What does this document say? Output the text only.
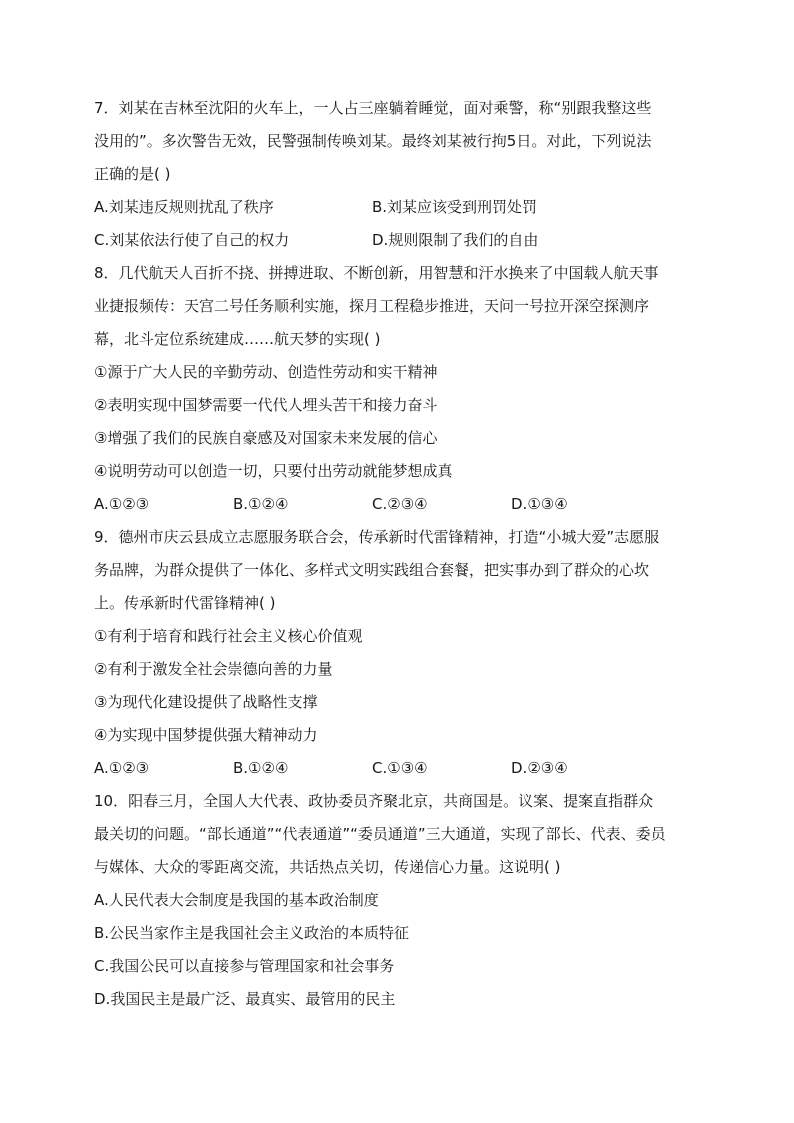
7．刘某在吉林至沈阳的火车上，一人占三座躺着睡觉，面对乘警，称“别跟我整这些
没用的”。多次警告无效，民警强制传唤刘某。最终刘某被行拘5日。对此，下列说法
正确的是( )
A.刘某违反规则扰乱了秩序	B.刘某应该受到刑罚处罚
C.刘某依法行使了自己的权力	D.规则限制了我们的自由
8．几代航天人百折不挠、拼搏进取、不断创新，用智慧和汗水换来了中国载人航天事
业捷报频传：天宫二号任务顺利实施，探月工程稳步推进，天问一号拉开深空探测序
幕，北斗定位系统建成……航天梦的实现( )
①源于广大人民的辛勤劳动、创造性劳动和实干精神
②表明实现中国梦需要一代代人埋头苦干和接力奋斗
③增强了我们的民族自豪感及对国家未来发展的信心
④说明劳动可以创造一切，只要付出劳动就能梦想成真
A.①②③	B.①②④	C.②③④	D.①③④
9．德州市庆云县成立志愿服务联合会，传承新时代雷锋精神，打造“小城大爱”志愿服
务品牌，为群众提供了一体化、多样式文明实践组合套餐，把实事办到了群众的心坎
上。传承新时代雷锋精神( )
①有利于培育和践行社会主义核心价值观
②有利于激发全社会崇德向善的力量
③为现代化建设提供了战略性支撑
④为实现中国梦提供强大精神动力
A.①②③	B.①②④	C.①③④	D.②③④
10．阳春三月，全国人大代表、政协委员齐聚北京，共商国是。议案、提案直指群众
最关切的问题。“部长通道”“代表通道”“委员通道”三大通道，实现了部长、代表、委员
与媒体、大众的零距离交流，共话热点关切，传递信心力量。这说明( )
A.人民代表大会制度是我国的基本政治制度
B.公民当家作主是我国社会主义政治的本质特征
C.我国公民可以直接参与管理国家和社会事务
D.我国民主是最广泛、最真实、最管用的民主
